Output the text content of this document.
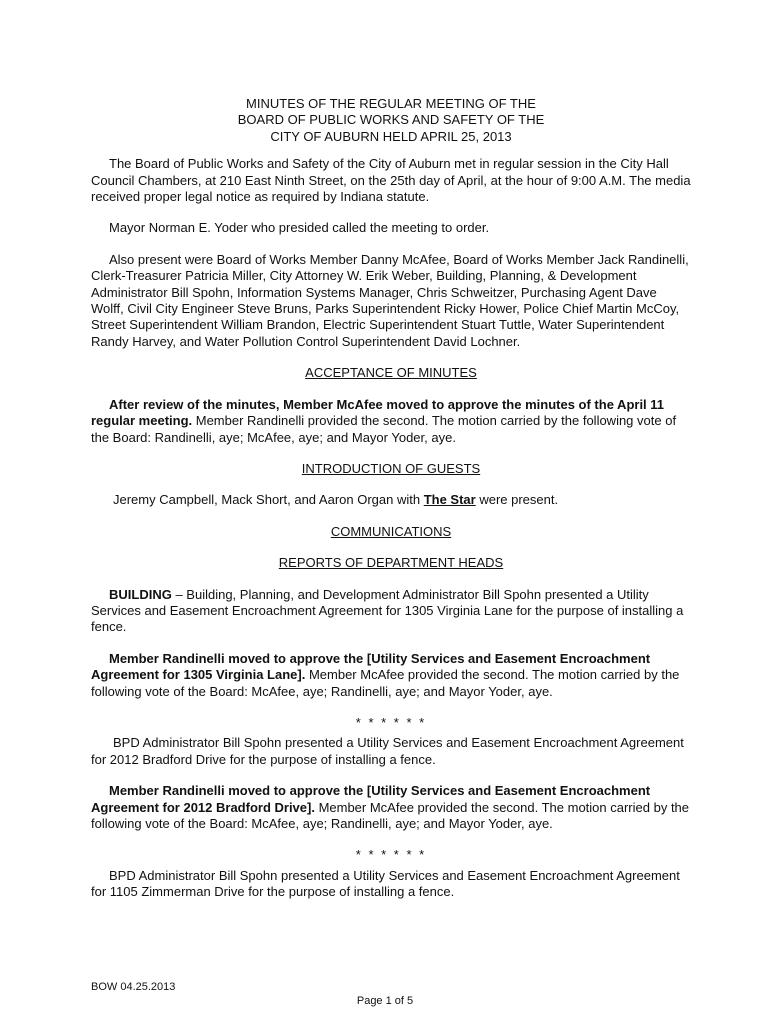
MINUTES OF THE REGULAR MEETING OF THE
BOARD OF PUBLIC WORKS AND SAFETY OF THE
CITY OF AUBURN HELD APRIL 25, 2013

The Board of Public Works and Safety of the City of Auburn met in regular session in the City Hall Council Chambers, at 210 East Ninth Street, on the 25th day of April, at the hour of 9:00 A.M. The media received proper legal notice as required by Indiana statute.

Mayor Norman E. Yoder who presided called the meeting to order.

Also present were Board of Works Member Danny McAfee, Board of Works Member Jack Randinelli, Clerk-Treasurer Patricia Miller, City Attorney W. Erik Weber, Building, Planning, & Development Administrator Bill Spohn, Information Systems Manager, Chris Schweitzer, Purchasing Agent Dave Wolff, Civil City Engineer Steve Bruns, Parks Superintendent Ricky Hower, Police Chief Martin McCoy, Street Superintendent William Brandon, Electric Superintendent Stuart Tuttle, Water Superintendent Randy Harvey, and Water Pollution Control Superintendent David Lochner.

ACCEPTANCE OF MINUTES

After review of the minutes, Member McAfee moved to approve the minutes of the April 11 regular meeting. Member Randinelli provided the second. The motion carried by the following vote of the Board: Randinelli, aye; McAfee, aye; and Mayor Yoder, aye.

INTRODUCTION OF GUESTS

Jeremy Campbell, Mack Short, and Aaron Organ with The Star were present.

COMMUNICATIONS

REPORTS OF DEPARTMENT HEADS

BUILDING – Building, Planning, and Development Administrator Bill Spohn presented a Utility Services and Easement Encroachment Agreement for 1305 Virginia Lane for the purpose of installing a fence.

Member Randinelli moved to approve the [Utility Services and Easement Encroachment Agreement for 1305 Virginia Lane]. Member McAfee provided the second. The motion carried by the following vote of the Board: McAfee, aye; Randinelli, aye; and Mayor Yoder, aye.

* * * * * *

BPD Administrator Bill Spohn presented a Utility Services and Easement Encroachment Agreement for 2012 Bradford Drive for the purpose of installing a fence.

Member Randinelli moved to approve the [Utility Services and Easement Encroachment Agreement for 2012 Bradford Drive]. Member McAfee provided the second. The motion carried by the following vote of the Board: McAfee, aye; Randinelli, aye; and Mayor Yoder, aye.

* * * * * *

BPD Administrator Bill Spohn presented a Utility Services and Easement Encroachment Agreement for 1105 Zimmerman Drive for the purpose of installing a fence.

BOW 04.25.2013
Page 1 of 5
